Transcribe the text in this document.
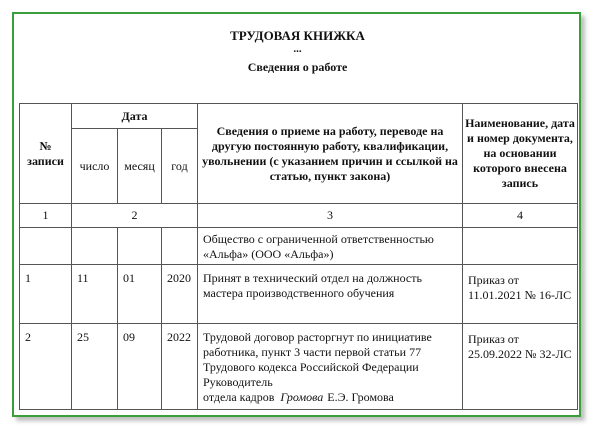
ТРУДОВАЯ КНИЖКА
...
Сведения о работе
№ записи	Дата			Сведения о приеме на работу, переводе на другую постоянную работу, квалификации, увольнении (с указанием причин и ссылкой на статью, пункт закона)	Наименование, дата и номер документа, на основании которого внесена запись
	число	месяц	год		
1	2			3	4
				Общество с ограниченной ответственностью «Альфа» (ООО «Альфа»)	
1	11	01	2020	Принят в технический отдел на должность мастера производственного обучения	Приказ от 11.01.2021 № 16-ЛС
2	25	09	2022	Трудовой договор расторгнут по инициативе работника, пункт 3 части первой статьи 77 Трудового кодекса Российской Федерации
Руководитель
отдела кадров Громова Е.Э. Громова	Приказ от 25.09.2022 № 32-ЛС
